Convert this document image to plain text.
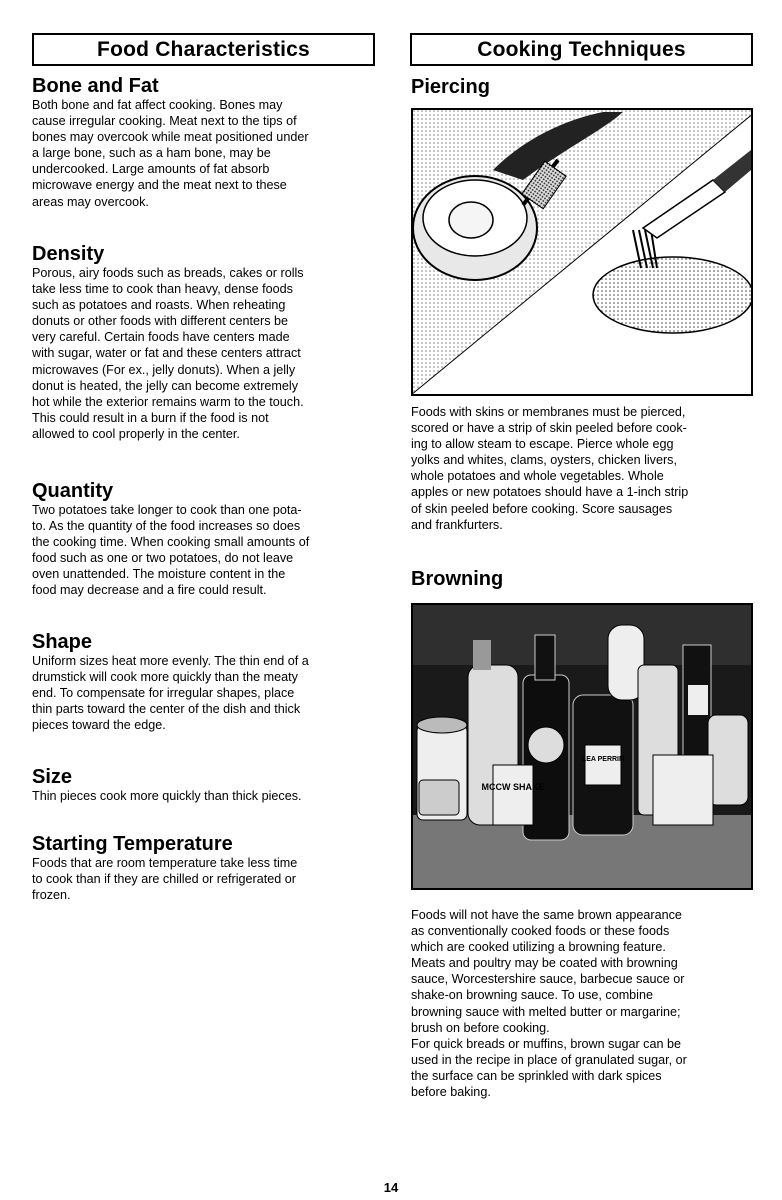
Food Characteristics	Cooking Techniques
Bone and Fat

Both bone and fat affect cooking. Bones may
cause irregular cooking. Meat next to the tips of
bones may overcook while meat positioned under
a large bone, such as a ham bone, may be
undercooked. Large amounts of fat absorb
microwave energy and the meat next to these
areas may overcook.

Density

Porous, airy foods such as breads, cakes or rolls
take less time to cook than heavy, dense foods
such as potatoes and roasts. When reheating
donuts or other foods with different centers be
very careful. Certain foods have centers made
with sugar, water or fat and these centers attract
microwaves (For ex., jelly donuts). When a jelly
donut is heated, the jelly can become extremely
hot while the exterior remains warm to the touch.
This could result in a burn if the food is not
allowed to cool properly in the center.

Quantity

Two potatoes take longer to cook than one pota-
to. As the quantity of the food increases so does
the cooking time. When cooking small amounts of
food such as one or two potatoes, do not leave
oven unattended. The moisture content in the
food may decrease and a fire could result.

Shape

Uniform sizes heat more evenly. The thin end of a
drumstick will cook more quickly than the meaty
end. To compensate for irregular shapes, place
thin parts toward the center of the dish and thick
pieces toward the edge.

Size

Thin pieces cook more quickly than thick pieces.

Starting Temperature

Foods that are room temperature take less time
to cook than if they are chilled or refrigerated or
frozen.

Piercing

Foods with skins or membranes must be pierced,
scored or have a strip of skin peeled before cook-
ing to allow steam to escape. Pierce whole egg
yolks and whites, clams, oysters, chicken livers,
whole potatoes and whole vegetables. Whole
apples or new potatoes should have a 1-inch strip
of skin peeled before cooking. Score sausages
and frankfurters.

Browning
MCCW SHAKE
LEA PERRIN

Foods will not have the same brown appearance
as conventionally cooked foods or these foods
which are cooked utilizing a browning feature.
Meats and poultry may be coated with browning
sauce, Worcestershire sauce, barbecue sauce or
shake-on browning sauce. To use, combine
browning sauce with melted butter or margarine;
brush on before cooking.
For quick breads or muffins, brown sugar can be
used in the recipe in place of granulated sugar, or
the surface can be sprinkled with dark spices
before baking.

14
